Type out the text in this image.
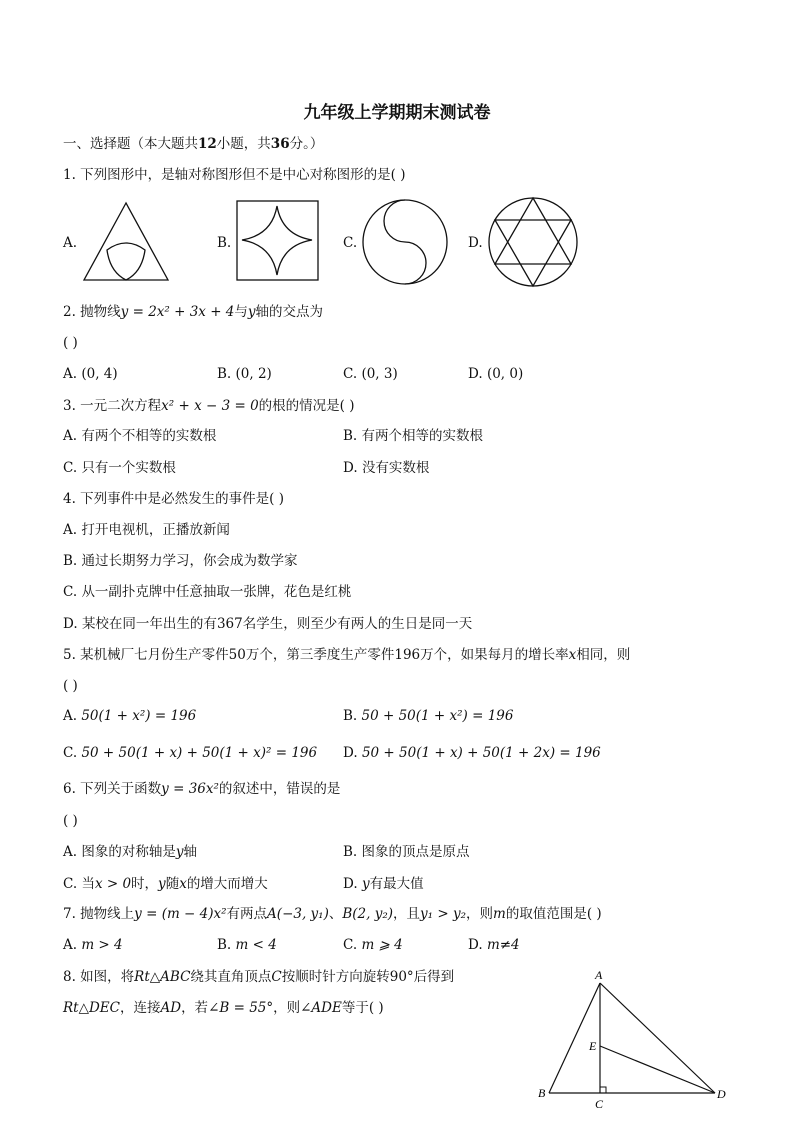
九年级上学期期末测试卷
一、选择题（本大题共12小题，共36分。）
1. 下列图形中，是轴对称图形但不是中心对称图形的是( )
A.	B.	C.	D.
2. 抛物线y = 2x² + 3x + 4与y轴的交点为
( )
A. (0, 4)	B. (0, 2)	C. (0, 3)	D. (0, 0)
3. 一元二次方程x² + x − 3 = 0的根的情况是( )
A. 有两个不相等的实数根	B. 有两个相等的实数根
C. 只有一个实数根	D. 没有实数根
4. 下列事件中是必然发生的事件是( )
A. 打开电视机，正播放新闻
B. 通过长期努力学习，你会成为数学家
C. 从一副扑克牌中任意抽取一张牌，花色是红桃
D. 某校在同一年出生的有367名学生，则至少有两人的生日是同一天
5. 某机械厂七月份生产零件50万个，第三季度生产零件196万个，如果每月的增长率x相同，则
( )
A. 50(1 + x²) = 196	B. 50 + 50(1 + x²) = 196
C. 50 + 50(1 + x) + 50(1 + x)² = 196 D. 50 + 50(1 + x) + 50(1 + 2x) = 196
6. 下列关于函数y = 36x²的叙述中，错误的是
( )
A. 图象的对称轴是y轴	B. 图象的顶点是原点
C. 当x > 0时，y随x的增大而增大	D. y有最大值
7. 抛物线上y = (m − 4)x²有两点A(−3, y₁)、B(2, y₂)，且y₁ > y₂，则m的取值范围是( )
A. m > 4	B. m < 4	C. m ⩾ 4	D. m≠4
8. 如图，将Rt△ABC绕其直角顶点C按顺时针方向旋转90°后得到
Rt△DEC，连接AD，若∠B = 55°，则∠ADE等于( )
A
B
C
D
E
